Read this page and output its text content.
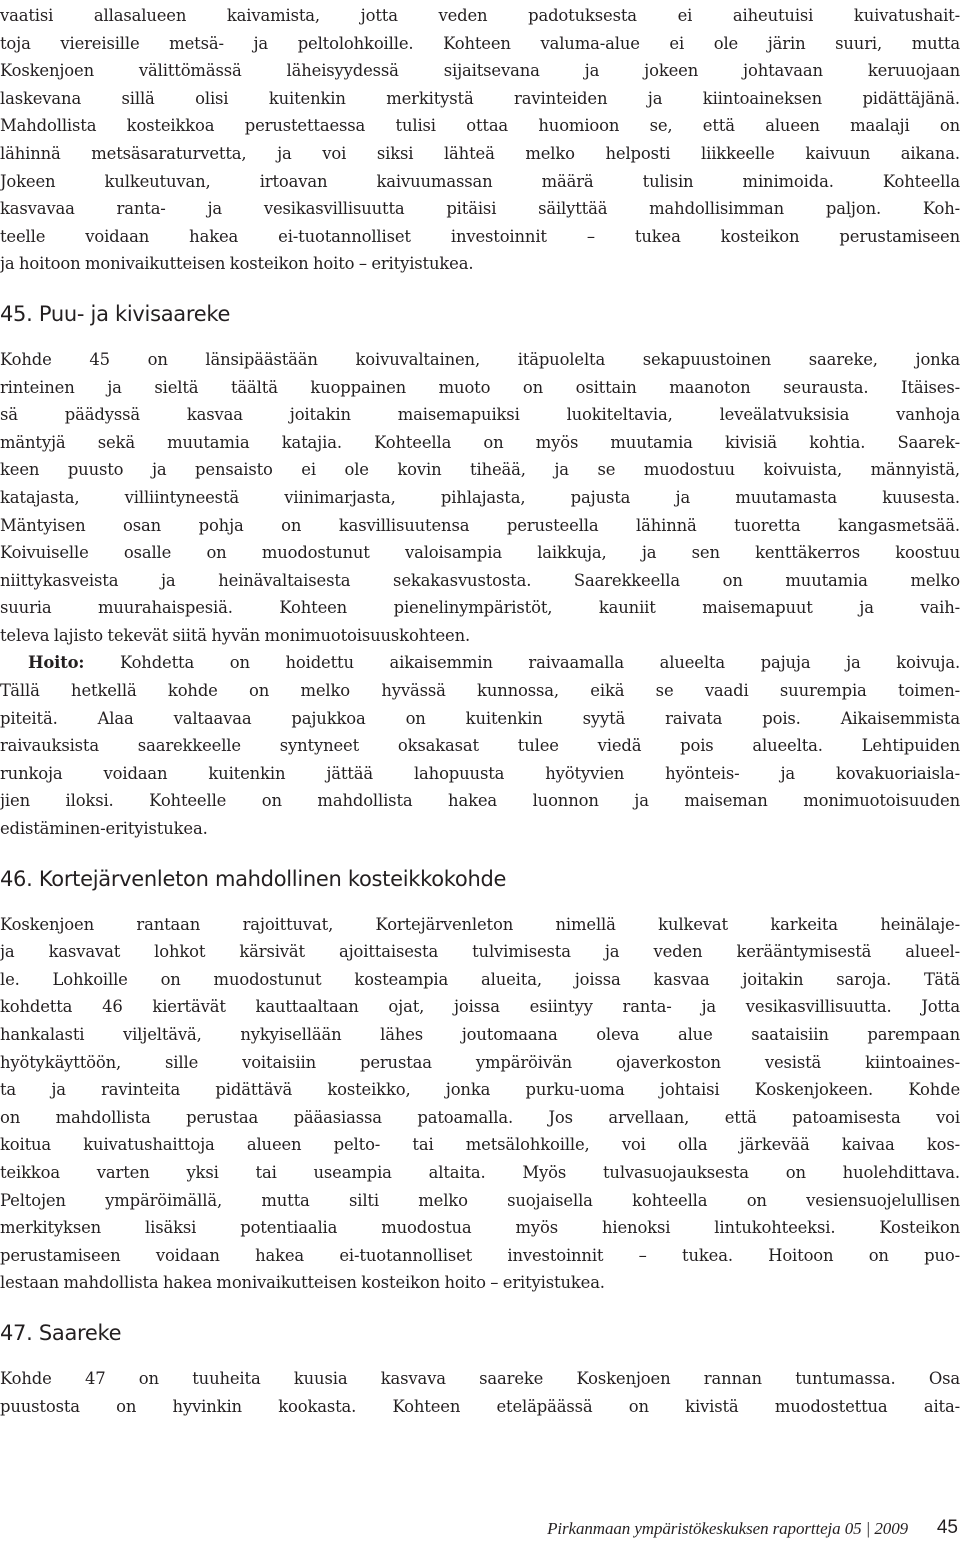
vaatisi allasalueen kaivamista, jotta veden padotuksesta ei aiheutuisi kuivatushait-
toja viereisille metsä- ja peltolohkoille. Kohteen valuma-alue ei ole järin suuri, mutta
Koskenjoen välittömässä läheisyydessä sijaitsevana ja jokeen johtavaan keruuojaan
laskevana sillä olisi kuitenkin merkitystä ravinteiden ja kiintoaineksen pidättäjänä.
Mahdollista kosteikkoa perustettaessa tulisi ottaa huomioon se, että alueen maalaji on
lähinnä metsäsaraturvetta, ja voi siksi lähteä melko helposti liikkeelle kaivuun aikana.
Jokeen kulkeutuvan, irtoavan kaivuumassan määrä tulisin minimoida. Kohteella
kasvavaa ranta- ja vesikasvillisuutta pitäisi säilyttää mahdollisimman paljon. Koh-
teelle voidaan hakea ei-tuotannolliset investoinnit – tukea kosteikon perustamiseen
ja hoitoon monivaikutteisen kosteikon hoito – erityistukea.
45. Puu- ja kivisaareke
Kohde 45 on länsipäästään koivuvaltainen, itäpuolelta sekapuustoinen saareke, jonka
rinteinen ja sieltä täältä kuoppainen muoto on osittain maanoton seurausta. Itäises-
sä päädyssä kasvaa joitakin maisemapuiksi luokiteltavia, leveälatvuksisia vanhoja
mäntyjä sekä muutamia katajia. Kohteella on myös muutamia kivisiä kohtia. Saarek-
keen puusto ja pensaisto ei ole kovin tiheää, ja se muodostuu koivuista, männyistä,
katajasta, villiintyneestä viinimarjasta, pihlajasta, pajusta ja muutamasta kuusesta.
Mäntyisen osan pohja on kasvillisuutensa perusteella lähinnä tuoretta kangasmetsää.
Koivuiselle osalle on muodostunut valoisampia laikkuja, ja sen kenttäkerros koostuu
niittykasveista ja heinävaltaisesta sekakasvustosta. Saarekkeella on muutamia melko
suuria muurahaispesiä. Kohteen pienelinympäristöt, kauniit maisemapuut ja vaih-
televa lajisto tekevät siitä hyvän monimuotoisuuskohteen.
Hoito: Kohdetta on hoidettu aikaisemmin raivaamalla alueelta pajuja ja koivuja.
Tällä hetkellä kohde on melko hyvässä kunnossa, eikä se vaadi suurempia toimen-
piteitä. Alaa valtaavaa pajukkoa on kuitenkin syytä raivata pois. Aikaisemmista
raivauksista saarekkeelle syntyneet oksakasat tulee viedä pois alueelta. Lehtipuiden
runkoja voidaan kuitenkin jättää lahopuusta hyötyvien hyönteis- ja kovakuoriaisla-
jien iloksi. Kohteelle on mahdollista hakea luonnon ja maiseman monimuotoisuuden
edistäminen-erityistukea.
46. Kortejärvenleton mahdollinen kosteikkokohde
Koskenjoen rantaan rajoittuvat, Kortejärvenleton nimellä kulkevat karkeita heinälaje-
ja kasvavat lohkot kärsivät ajoittaisesta tulvimisesta ja veden kerääntymisestä alueel-
le. Lohkoille on muodostunut kosteampia alueita, joissa kasvaa joitakin saroja. Tätä
kohdetta 46 kiertävät kauttaaltaan ojat, joissa esiintyy ranta- ja vesikasvillisuutta. Jotta
hankalasti viljeltävä, nykyisellään lähes joutomaana oleva alue saataisiin parempaan
hyötykäyttöön, sille voitaisiin perustaa ympäröivän ojaverkoston vesistä kiintoaines-
ta ja ravinteita pidättävä kosteikko, jonka purku-uoma johtaisi Koskenjokeen. Kohde
on mahdollista perustaa pääasiassa patoamalla. Jos arvellaan, että patoamisesta voi
koitua kuivatushaittoja alueen pelto- tai metsälohkoille, voi olla järkevää kaivaa kos-
teikkoa varten yksi tai useampia altaita. Myös tulvasuojauksesta on huolehdittava.
Peltojen ympäröimällä, mutta silti melko suojaisella kohteella on vesiensuojelullisen
merkityksen lisäksi potentiaalia muodostua myös hienoksi lintukohteeksi. Kosteikon
perustamiseen voidaan hakea ei-tuotannolliset investoinnit – tukea. Hoitoon on puo-
lestaan mahdollista hakea monivaikutteisen kosteikon hoito – erityistukea.
47. Saareke
Kohde 47 on tuuheita kuusia kasvava saareke Koskenjoen rannan tuntumassa. Osa
puustosta on hyvinkin kookasta. Kohteen eteläpäässä on kivistä muodostettua aita-
Pirkanmaan ympäristökeskuksen raportteja 05 | 2009 45
